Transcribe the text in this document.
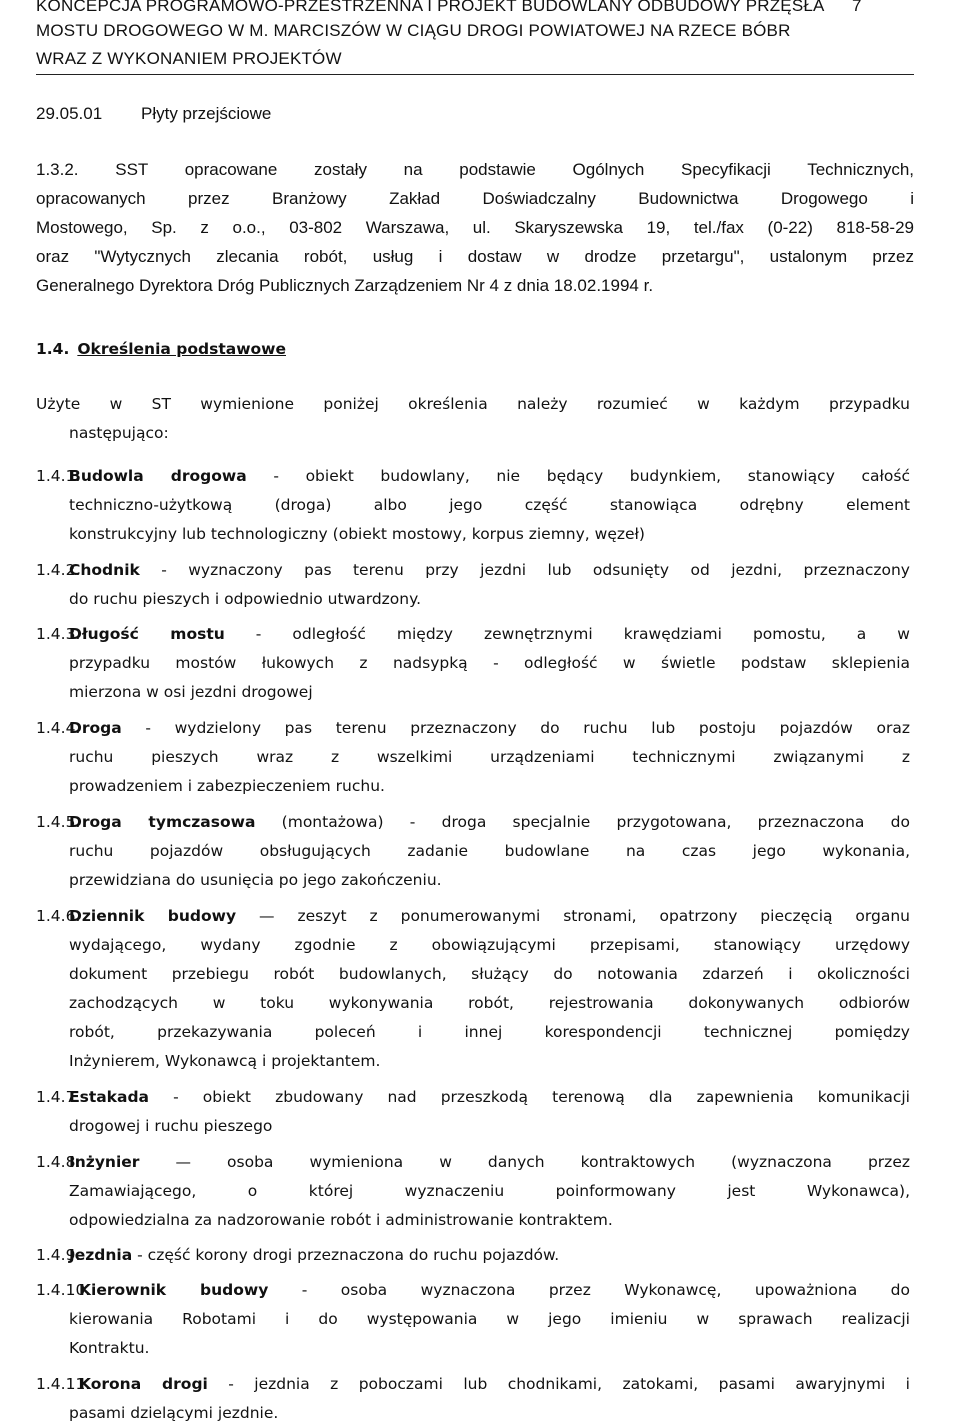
KONCEPCJA PROGRAMOWO-PRZESTRZENNA I PROJEKT BUDOWLANY ODBUDOWY PRZĘSŁA 7
MOSTU DROGOWEGO W M. MARCISZÓW W CIĄGU DROGI POWIATOWEJ NA RZECE BÓBR
WRAZ Z WYKONANIEM PROJEKTÓW
29.05.01 Płyty przejściowe
1.3.2. SST opracowane zostały na podstawie Ogólnych Specyfikacji Technicznych,
opracowanych przez Branżowy Zakład Doświadczalny Budownictwa Drogowego i
Mostowego, Sp. z o.o., 03-802 Warszawa, ul. Skaryszewska 19, tel./fax (0-22) 818-58-29
oraz "Wytycznych zlecania robót, usług i dostaw w drodze przetargu", ustalonym przez
Generalnego Dyrektora Dróg Publicznych Zarządzeniem Nr 4 z dnia 18.02.1994 r.
1.4. Określenia podstawowe
Użyte w ST wymienione poniżej określenia należy rozumieć w każdym przypadku
następująco:
1.4.1.
Budowla drogowa - obiekt budowlany, nie będący budynkiem, stanowiący całość
techniczno-użytkową (droga) albo jego część stanowiąca odrębny element
konstrukcyjny lub technologiczny (obiekt mostowy, korpus ziemny, węzeł)
1.4.2.
Chodnik - wyznaczony pas terenu przy jezdni lub odsunięty od jezdni, przeznaczony
do ruchu pieszych i odpowiednio utwardzony.
1.4.3.
Długość mostu - odległość między zewnętrznymi krawędziami pomostu, a w
przypadku mostów łukowych z nadsypką - odległość w świetle podstaw sklepienia
mierzona w osi jezdni drogowej
1.4.4.
Droga - wydzielony pas terenu przeznaczony do ruchu lub postoju pojazdów oraz
ruchu pieszych wraz z wszelkimi urządzeniami technicznymi związanymi z
prowadzeniem i zabezpieczeniem ruchu.
1.4.5.
Droga tymczasowa (montażowa) - droga specjalnie przygotowana, przeznaczona do
ruchu pojazdów obsługujących zadanie budowlane na czas jego wykonania,
przewidziana do usunięcia po jego zakończeniu.
1.4.6.
Dziennik budowy — zeszyt z ponumerowanymi stronami, opatrzony pieczęcią organu
wydającego, wydany zgodnie z obowiązującymi przepisami, stanowiący urzędowy
dokument przebiegu robót budowlanych, służący do notowania zdarzeń i okoliczności
zachodzących w toku wykonywania robót, rejestrowania dokonywanych odbiorów
robót, przekazywania poleceń i innej korespondencji technicznej pomiędzy
Inżynierem, Wykonawcą i projektantem.
1.4.7.
Estakada - obiekt zbudowany nad przeszkodą terenową dla zapewnienia komunikacji
drogowej i ruchu pieszego
1.4.8.
Inżynier — osoba wymieniona w danych kontraktowych (wyznaczona przez
Zamawiającego, o której wyznaczeniu poinformowany jest Wykonawca),
odpowiedzialna za nadzorowanie robót i administrowanie kontraktem.
1.4.9.
Jezdnia - część korony drogi przeznaczona do ruchu pojazdów.
1.4.10.
Kierownik budowy - osoba wyznaczona przez Wykonawcę, upoważniona do
kierowania Robotami i do występowania w jego imieniu w sprawach realizacji
Kontraktu.
1.4.11.
Korona drogi - jezdnia z poboczami lub chodnikami, zatokami, pasami awaryjnymi i
pasami dzielącymi jezdnie.
